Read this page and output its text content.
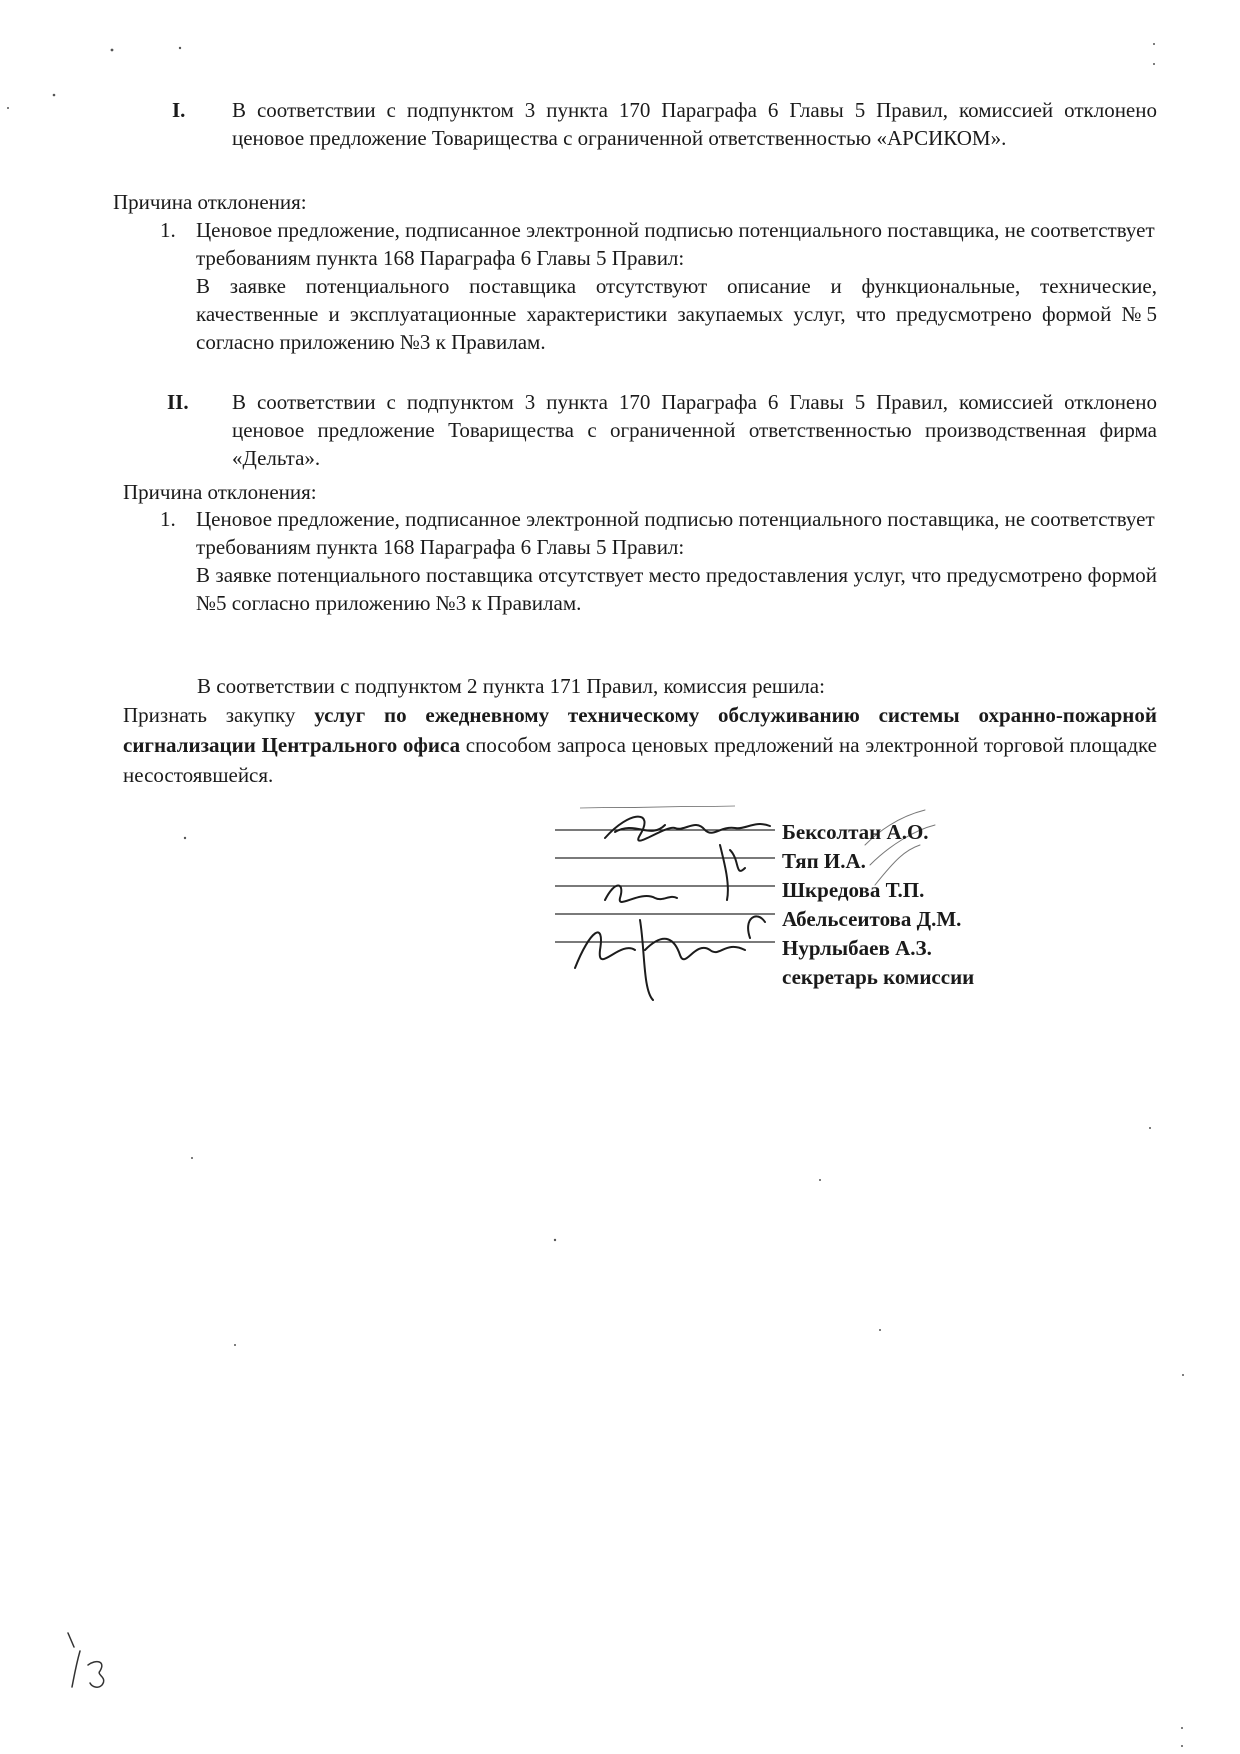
I. В соответствии с подпунктом 3 пункта 170 Параграфа 6 Главы 5 Правил, комиссией отклонено ценовое предложение Товарищества с ограниченной ответственностью «АРСИКОМ».
Причина отклонения:
1. Ценовое предложение, подписанное электронной подписью потенциального поставщика, не соответствует требованиям пункта 168 Параграфа 6 Главы 5 Правил:
В заявке потенциального поставщика отсутствуют описание и функциональные, технические, качественные и эксплуатационные характеристики закупаемых услуг, что предусмотрено формой №5 согласно приложению №3 к Правилам.
II. В соответствии с подпунктом 3 пункта 170 Параграфа 6 Главы 5 Правил, комиссией отклонено ценовое предложение Товарищества с ограниченной ответственностью производственная фирма «Дельта».
Причина отклонения:
1. Ценовое предложение, подписанное электронной подписью потенциального поставщика, не соответствует требованиям пункта 168 Параграфа 6 Главы 5 Правил:
В заявке потенциального поставщика отсутствует место предоставления услуг, что предусмотрено формой №5 согласно приложению №3 к Правилам.
В соответствии с подпунктом 2 пункта 171 Правил, комиссия решила:
Признать закупку услуг по ежедневному техническому обслуживанию системы охранно-пожарной сигнализации Центрального офиса способом запроса ценовых предложений на электронной торговой площадке несостоявшейся.
Бексолтан А.О.
Тяп И.А.
Шкредова Т.П.
Абельсеитова Д.М.
Нурлыбаев А.З.
секретарь комиссии
